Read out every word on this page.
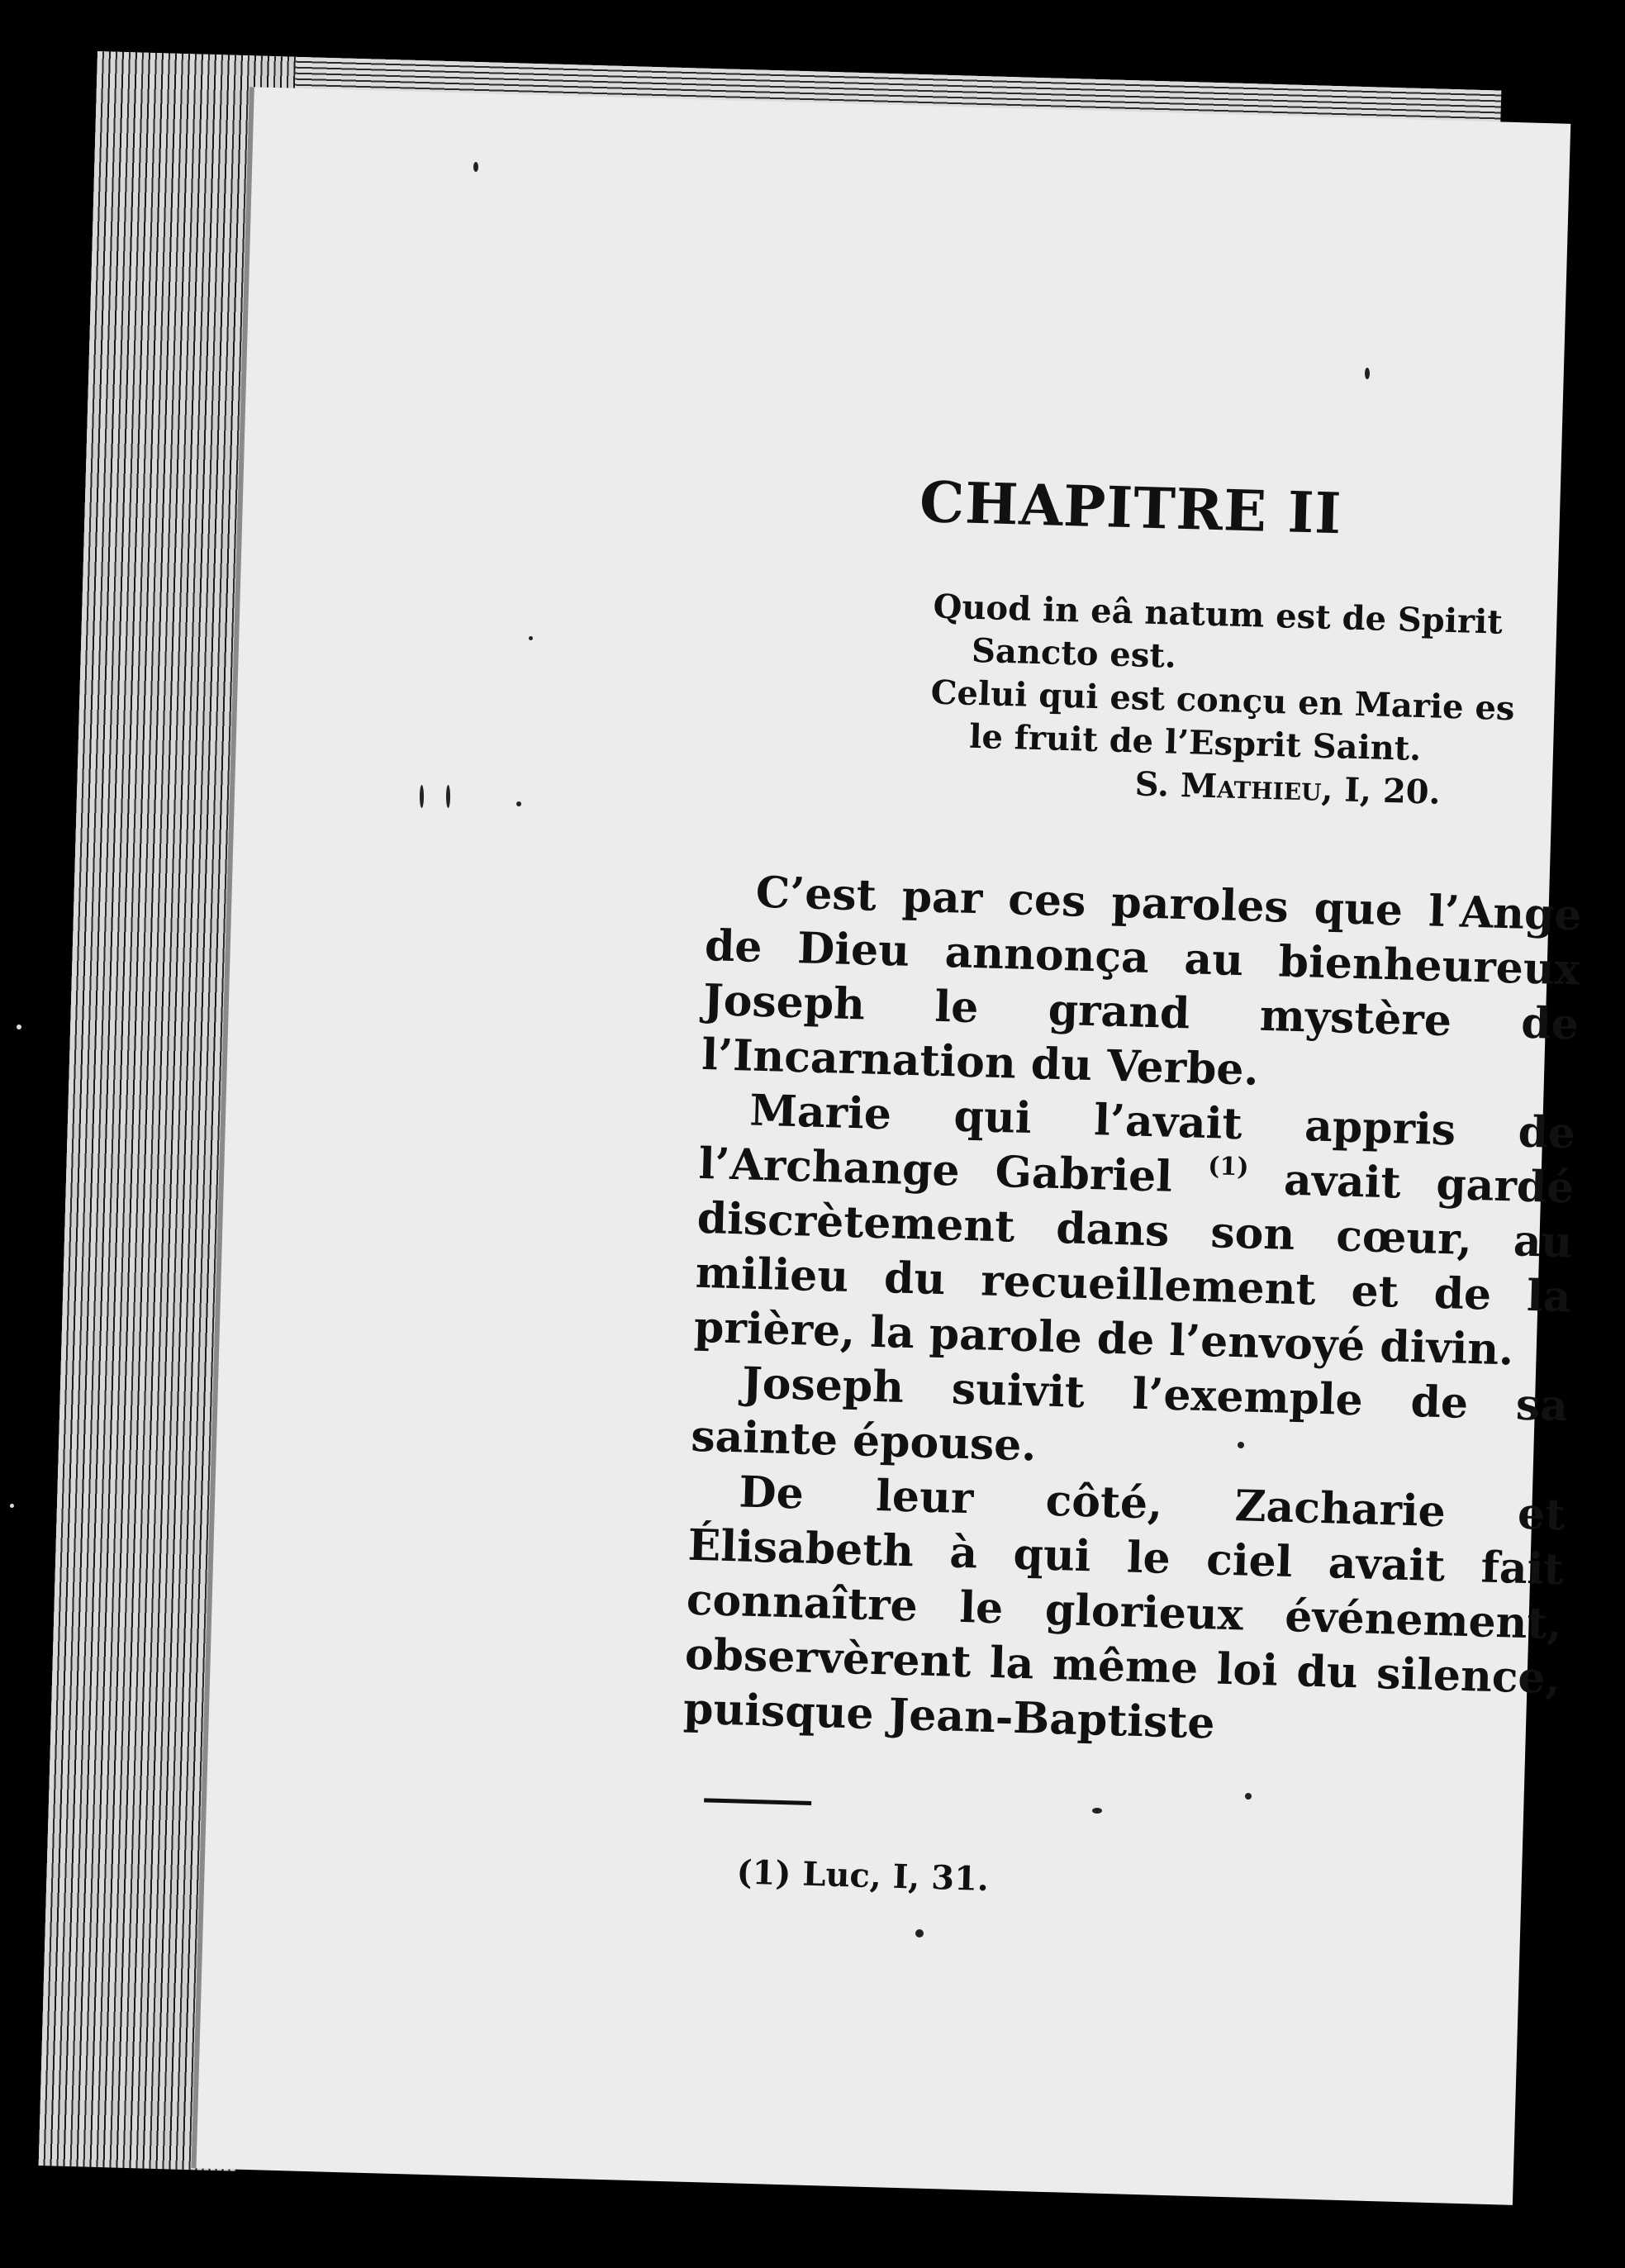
CHAPITRE II
Quod in eâ natum est de Spirit
Sancto est.
Celui qui est conçu en Marie es
le fruit de l’Esprit Saint.
S. Mathieu, I, 20.
C’est par ces paroles que l’Ange de Dieu annonça au bienheureux Joseph le grand mystère de l’Incarnation du Verbe.
Marie qui l’avait appris de l’Archange Gabriel $^{(1)}$ avait gardé discrètement dans son cœur, au milieu du recueillement et de la prière, la parole de l’envoyé divin.
Joseph suivit l’exemple de sa sainte épouse.
De leur côté, Zacharie et Élisabeth à qui le ciel avait fait connaître le glorieux événement, observèrent la même loi du silence, puisque Jean-Baptiste
(1) Luc, I, 31.
